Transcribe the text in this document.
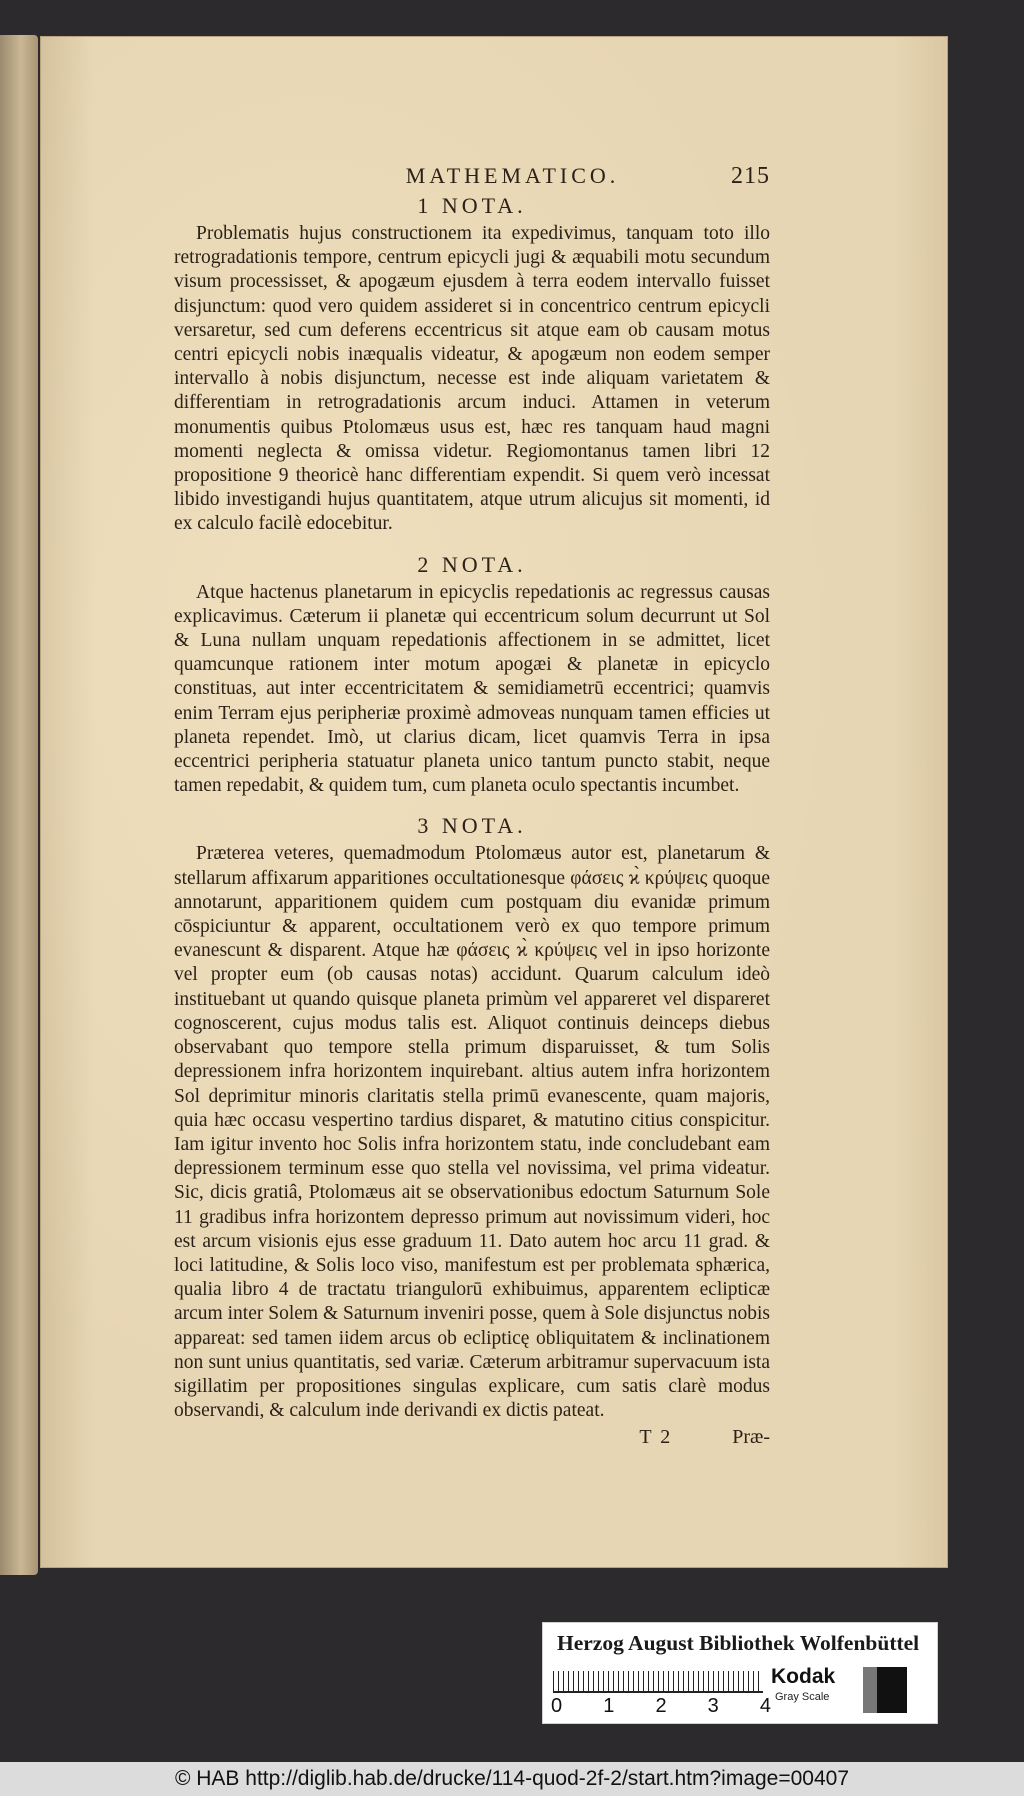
MATHEMATICO.	215
1 NOTA.

Problematis hujus constructionem ita expedivimus, tanquam toto illo retrogradationis tempore, centrum epicycli jugi & æquabili motu secundum visum processisset, & apogæum ejusdem à terra eodem intervallo fuisset disjunctum: quod vero quidem assideret si in concentrico centrum epicycli versaretur, sed cum deferens eccentricus sit atque eam ob causam motus centri epicycli nobis inæqualis videatur, & apogæum non eodem semper intervallo à nobis disjunctum, necesse est inde aliquam varietatem & differentiam in retrogradationis arcum induci. Attamen in veterum monumentis quibus Ptolomæus usus est, hæc res tanquam haud magni momenti neglecta & omissa videtur. Regiomontanus tamen libri 12 propositione 9 theoricè hanc differentiam expendit. Si quem verò incessat libido investigandi hujus quantitatem, atque utrum alicujus sit momenti, id ex calculo facilè edocebitur.

2 NOTA.

Atque hactenus planetarum in epicyclis repedationis ac regressus causas explicavimus. Cæterum ii planetæ qui eccentricum solum decurrunt ut Sol & Luna nullam unquam repedationis affectionem in se admittet, licet quamcunque rationem inter motum apogæi & planetæ in epicyclo constituas, aut inter eccentricitatem & semidiametrū eccentrici; quamvis enim Terram ejus peripheriæ proximè admoveas nunquam tamen efficies ut planeta rependet. Imò, ut clarius dicam, licet quamvis Terra in ipsa eccentrici peripheria statuatur planeta unico tantum puncto stabit, neque tamen repedabit, & quidem tum, cum planeta oculo spectantis incumbet.

3 NOTA.

Præterea veteres, quemadmodum Ptolomæus autor est, planetarum & stellarum affixarum apparitiones occultationesque φάσεις ϰ̀ κρύψεις quoque annotarunt, apparitionem quidem cum postquam diu evanidæ primum cōspiciuntur & apparent, occultationem verò ex quo tempore primum evanescunt & disparent. Atque hæ φάσεις ϰ̀ κρύψεις vel in ipso horizonte vel propter eum (ob causas notas) accidunt. Quarum calculum ideò instituebant ut quando quisque planeta primùm vel appareret vel dispareret cognoscerent, cujus modus talis est. Aliquot continuis deinceps diebus observabant quo tempore stella primum disparuisset, & tum Solis depressionem infra horizontem inquirebant. altius autem infra horizontem Sol deprimitur minoris claritatis stella primū evanescente, quam majoris, quia hæc occasu vespertino tardius disparet, & matutino citius conspicitur. Iam igitur invento hoc Solis infra horizontem statu, inde concludebant eam depressionem terminum esse quo stella vel novissima, vel prima videatur. Sic, dicis gratiâ, Ptolomæus ait se observationibus edoctum Saturnum Sole 11 gradibus infra horizontem depresso primum aut novissimum videri, hoc est arcum visionis ejus esse graduum 11. Dato autem hoc arcu 11 grad. & loci latitudine, & Solis loco viso, manifestum est per problemata sphærica, qualia libro 4 de tractatu triangulorū exhibuimus, apparentem eclipticæ arcum inter Solem & Saturnum inveniri posse, quem à Sole disjunctus nobis appareat: sed tamen iidem arcus ob eclipticę obliquitatem & inclinationem non sunt unius quantitatis, sed variæ. Cæterum arbitramur supervacuum ista sigillatim per propositiones singulas explicare, cum satis clarè modus observandi, & calculum inde derivandi ex dictis pateat.

T 2	Præ-
Herzog August Bibliothek Wolfenbüttel
0 1 2 3 4
Kodak
Gray Scale
© HAB http://diglib.hab.de/drucke/114-quod-2f-2/start.htm?image=00407
